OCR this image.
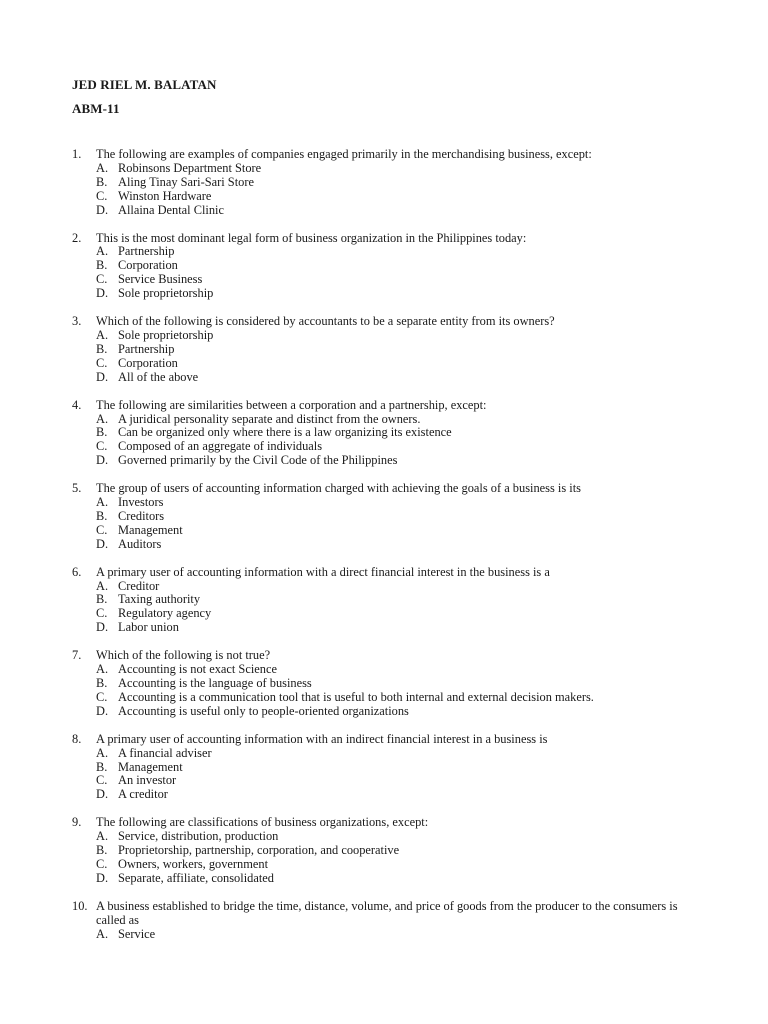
JED RIEL M. BALATAN
ABM-11
1.	The following are examples of companies engaged primarily in the merchandising business, except:
A. Robinsons Department Store
B. Aling Tinay Sari-Sari Store
C. Winston Hardware
D. Allaina Dental Clinic
2.	This is the most dominant legal form of business organization in the Philippines today:
A. Partnership
B. Corporation
C. Service Business
D. Sole proprietorship
3.	Which of the following is considered by accountants to be a separate entity from its owners?
A. Sole proprietorship
B. Partnership
C. Corporation
D. All of the above
4.	The following are similarities between a corporation and a partnership, except:
A. A juridical personality separate and distinct from the owners.
B. Can be organized only where there is a law organizing its existence
C. Composed of an aggregate of individuals
D. Governed primarily by the Civil Code of the Philippines
5.	The group of users of accounting information charged with achieving the goals of a business is its
A. Investors
B. Creditors
C. Management
D. Auditors
6.	A primary user of accounting information with a direct financial interest in the business is a
A. Creditor
B. Taxing authority
C. Regulatory agency
D. Labor union
7.	Which of the following is not true?
A. Accounting is not exact Science
B. Accounting is the language of business
C. Accounting is a communication tool that is useful to both internal and external decision makers.
D. Accounting is useful only to people-oriented organizations
8.	A primary user of accounting information with an indirect financial interest in a business is
A. A financial adviser
B. Management
C. An investor
D. A creditor
9.	The following are classifications of business organizations, except:
A. Service, distribution, production
B. Proprietorship, partnership, corporation, and cooperative
C. Owners, workers, government
D. Separate, affiliate, consolidated
10. A business established to bridge the time, distance, volume, and price of goods from the producer to the consumers is called as
A. Service
